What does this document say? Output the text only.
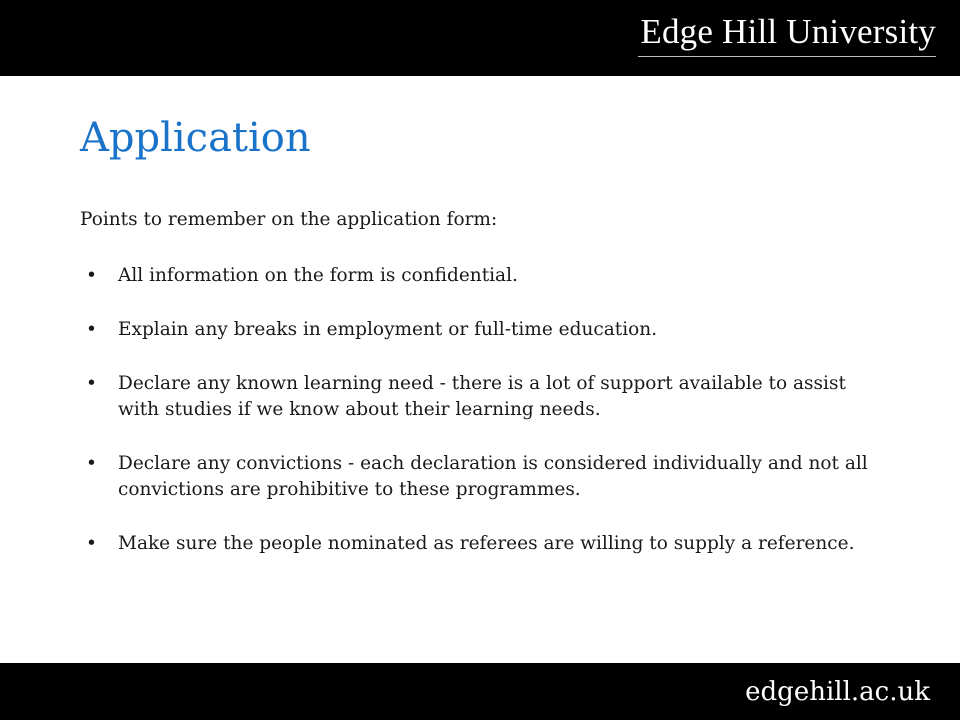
Edge Hill University
Application

Points to remember on the application form:

• All information on the form is confidential.
• Explain any breaks in employment or full-time education.
• Declare any known learning need - there is a lot of support available to assist with studies if we know about their learning needs.
• Declare any convictions - each declaration is considered individually and not all convictions are prohibitive to these programmes.
• Make sure the people nominated as referees are willing to supply a reference.
edgehill.ac.uk
